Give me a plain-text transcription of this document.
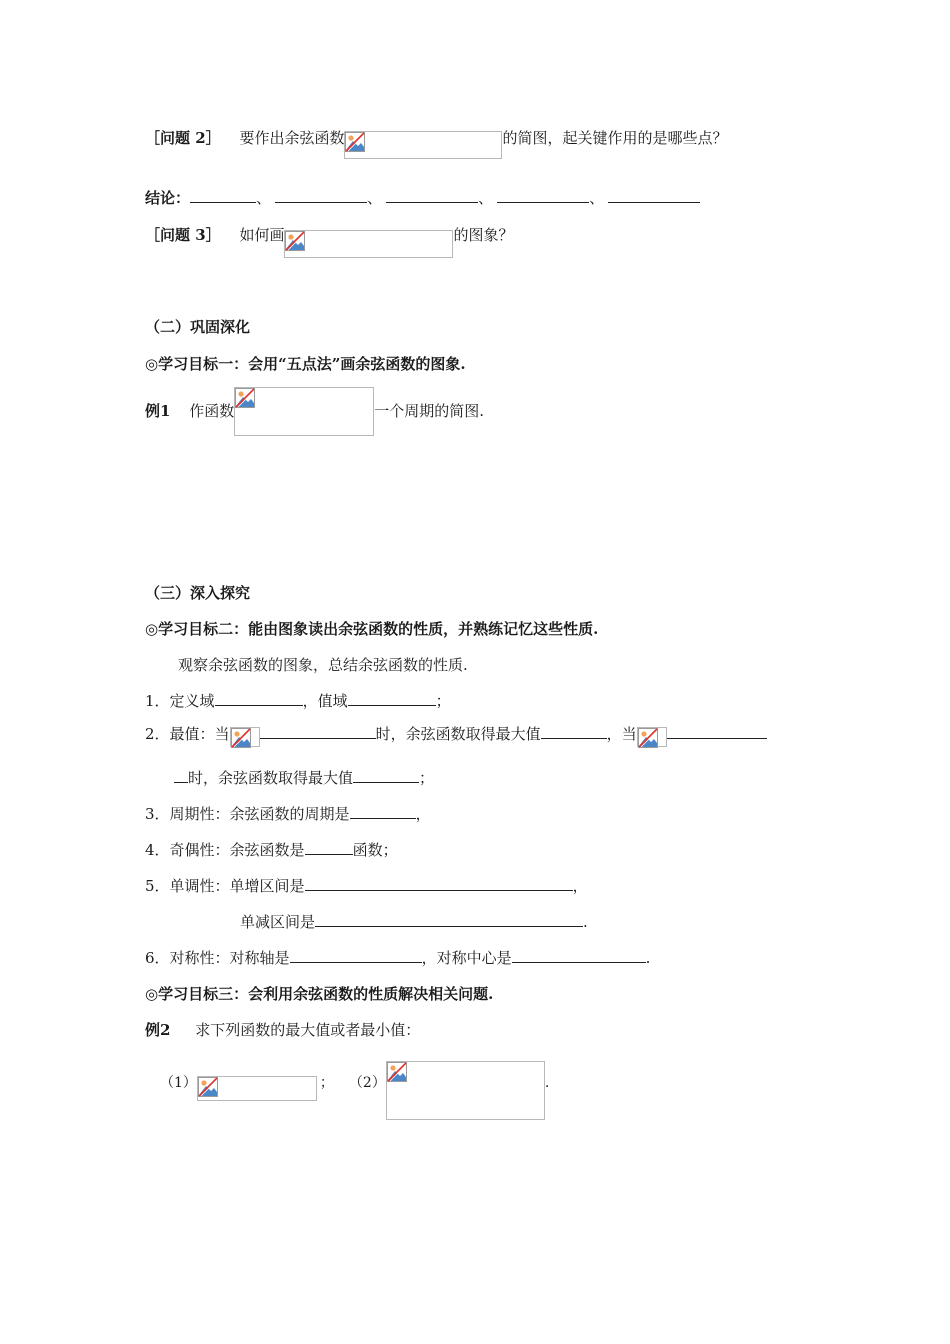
［问题 2］ 要作出余弦函数	的简图，起关键作用的是哪些点？
结论：	、	、	、	、
［问题 3］ 如何画	的图象？
（二）巩固深化
◎学习目标一：会用“五点法”画余弦函数的图象.
例1 作函数	一个周期的简图.
（三）深入探究
◎学习目标二：能由图象读出余弦函数的性质，并熟练记忆这些性质.
观察余弦函数的图象，总结余弦函数的性质.
1．定义域	，值域	；
2．最值：当	时，余弦函数取得最大值	，当
时，余弦函数取得最大值	；
3．周期性：余弦函数的周期是	，
4．奇偶性：余弦函数是	函数；
5．单调性：单增区间是	，
单减区间是	.
6．对称性：对称轴是	，对称中心是	.
◎学习目标三：会利用余弦函数的性质解决相关问题.
例2 求下列函数的最大值或者最小值：
（1）	； （2）	.
